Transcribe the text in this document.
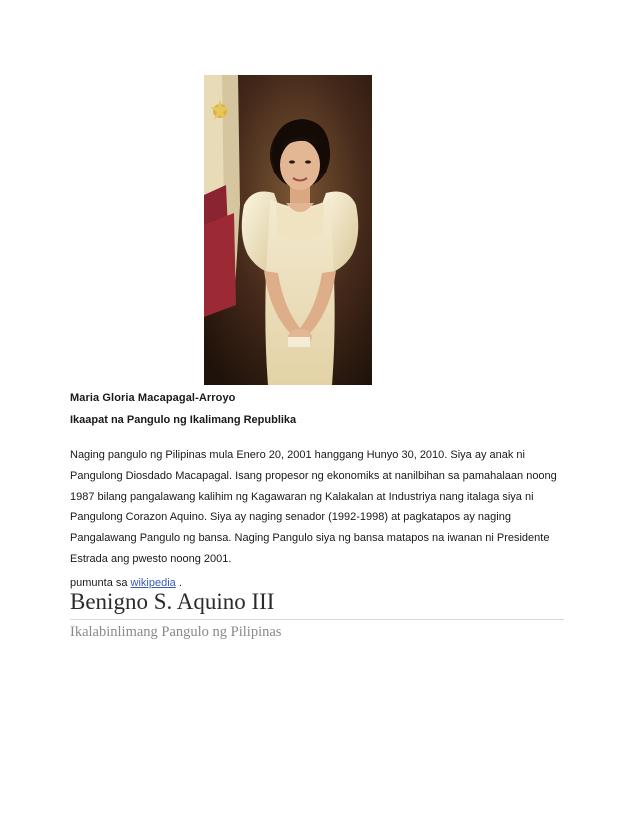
Maria Gloria Macapagal-Arroyo
Ikaapat na Pangulo ng Ikalimang Republika

Naging pangulo ng Pilipinas mula Enero 20, 2001 hanggang Hunyo 30, 2010. Siya ay anak ni
Pangulong Diosdado Macapagal. Isang propesor ng ekonomiks at nanilbihan sa pamahalaan noong
1987 bilang pangalawang kalihim ng Kagawaran ng Kalakalan at Industriya nang italaga siya ni
Pangulong Corazon Aquino. Siya ay naging senador (1992-1998) at pagkatapos ay naging
Pangalawang Pangulo ng bansa. Naging Pangulo siya ng bansa matapos na iwanan ni Presidente
Estrada ang pwesto noong 2001.

pumunta sa wikipedia .
Benigno S. Aquino III
Ikalabinlimang Pangulo ng Pilipinas
